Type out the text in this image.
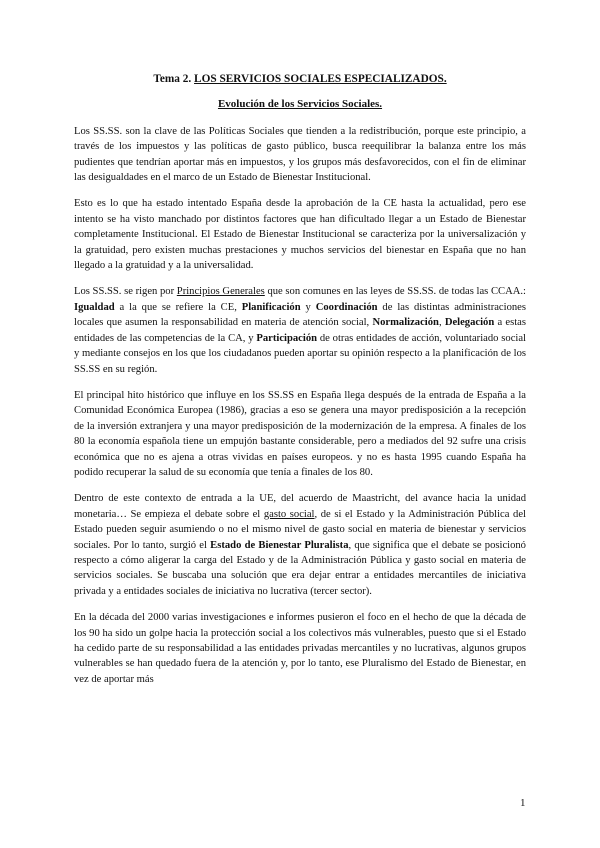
Tema 2. LOS SERVICIOS SOCIALES ESPECIALIZADOS.
Evolución de los Servicios Sociales.

Los SS.SS. son la clave de las Políticas Sociales que tienden a la redistribución, porque este principio, a través de los impuestos y las políticas de gasto público, busca reequilibrar la balanza entre los más pudientes que tendrían aportar más en impuestos, y los grupos más desfavorecidos, con el fin de eliminar las desigualdades en el marco de un Estado de Bienestar Institucional.

Esto es lo que ha estado intentado España desde la aprobación de la CE hasta la actualidad, pero ese intento se ha visto manchado por distintos factores que han dificultado llegar a un Estado de Bienestar completamente Institucional. El Estado de Bienestar Institucional se caracteriza por la universalización y la gratuidad, pero existen muchas prestaciones y muchos servicios del bienestar en España que no han llegado a la gratuidad y a la universalidad.

Los SS.SS. se rigen por Principios Generales que son comunes en las leyes de SS.SS. de todas las CCAA.: Igualdad a la que se refiere la CE, Planificación y Coordinación de las distintas administraciones locales que asumen la responsabilidad en materia de atención social, Normalización, Delegación a estas entidades de las competencias de la CA, y Participación de otras entidades de acción, voluntariado social y mediante consejos en los que los ciudadanos pueden aportar su opinión respecto a la planificación de los SS.SS en su región.

El principal hito histórico que influye en los SS.SS en España llega después de la entrada de España a la Comunidad Económica Europea (1986), gracias a eso se genera una mayor predisposición a la recepción de la inversión extranjera y una mayor predisposición de la modernización de la empresa. A finales de los 80 la economía española tiene un empujón bastante considerable, pero a mediados del 92 sufre una crisis económica que no es ajena a otras vividas en países europeos. y no es hasta 1995 cuando España ha podido recuperar la salud de su economía que tenía a finales de los 80.

Dentro de este contexto de entrada a la UE, del acuerdo de Maastricht, del avance hacia la unidad monetaria… Se empieza el debate sobre el gasto social, de si el Estado y la Administración Pública del Estado pueden seguir asumiendo o no el mismo nivel de gasto social en materia de bienestar y servicios sociales. Por lo tanto, surgió el Estado de Bienestar Pluralista, que significa que el debate se posicionó respecto a cómo aligerar la carga del Estado y de la Administración Pública y gasto social en materia de servicios sociales. Se buscaba una solución que era dejar entrar a entidades mercantiles de iniciativa privada y a entidades sociales de iniciativa no lucrativa (tercer sector).

En la década del 2000 varias investigaciones e informes pusieron el foco en el hecho de que la década de los 90 ha sido un golpe hacia la protección social a los colectivos más vulnerables, puesto que si el Estado ha cedido parte de su responsabilidad a las entidades privadas mercantiles y no lucrativas, algunos grupos vulnerables se han quedado fuera de la atención y, por lo tanto, ese Pluralismo del Estado de Bienestar, en vez de aportar más

1
